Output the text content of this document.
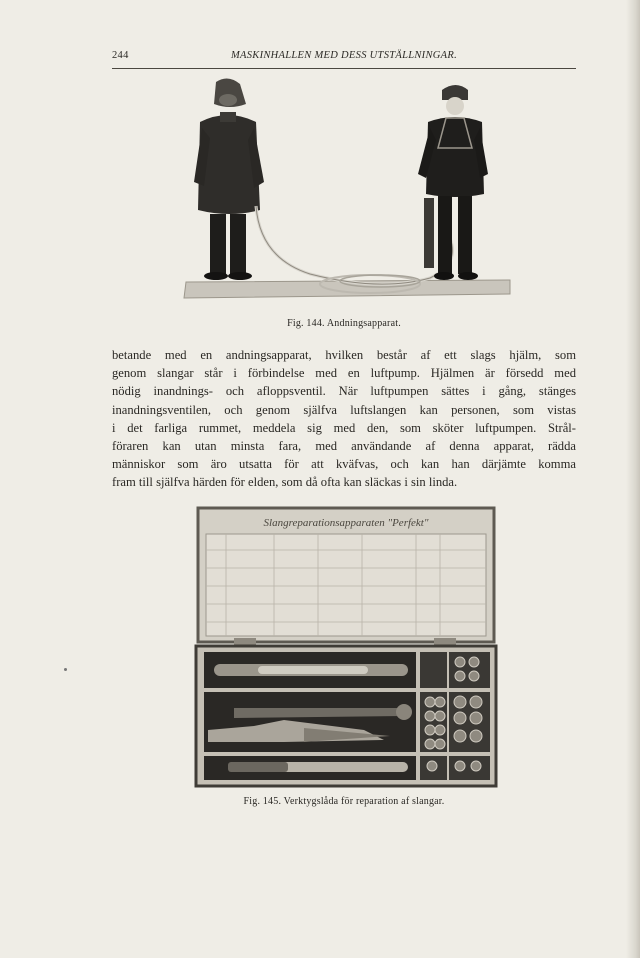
244	MASKINHALLEN MED DESS UTSTÄLLNINGAR.
Fig. 144. Andningsapparat.
betande med en andningsapparat, hvilken består af ett slags hjälm, som
genom slangar står i förbindelse med en luftpump. Hjälmen är försedd med
nödig inandnings- och afloppsventil. När luftpumpen sättes i gång, stänges
inandningsventilen, och genom själfva luftslangen kan personen, som vistas
i det farliga rummet, meddela sig med den, som sköter luftpumpen. Strål-
föraren kan utan minsta fara, med användande af denna apparat, rädda
människor som äro utsatta för att kväfvas, och kan han därjämte komma
fram till själfva härden för elden, som då ofta kan släckas i sin linda.
Slangreparationsapparaten "Perfekt"
Fig. 145. Verktygslåda för reparation af slangar.
